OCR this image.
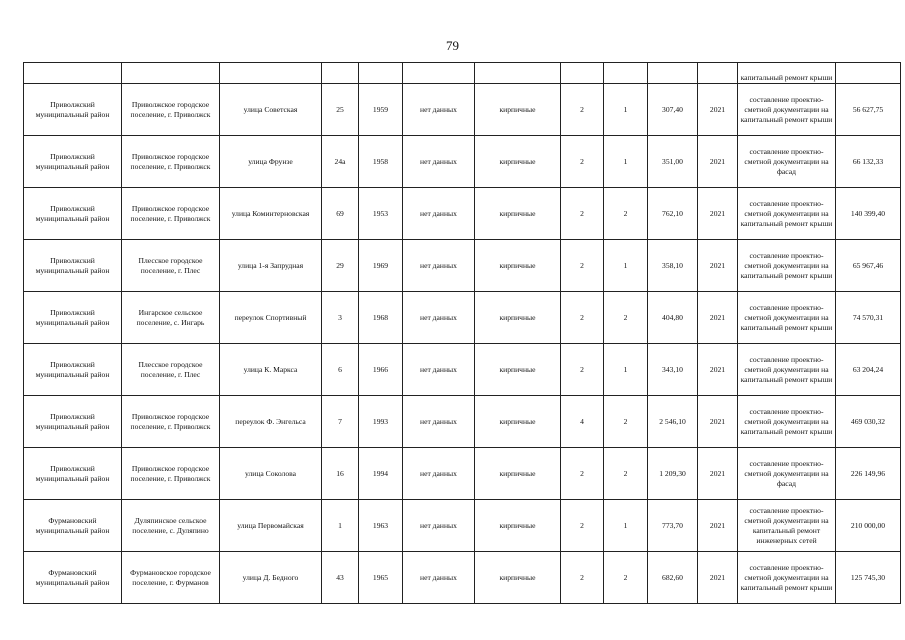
79
											капитальный ремонт крыши	
Приволжский муниципальный район	Приволжское городское поселение, г. Приволжск	улица Советская	25	1959	нет данных	кирпичные	2	1	307,40	2021	составление проектно-сметной документации на капитальный ремонт крыши	56 627,75
Приволжский муниципальный район	Приволжское городское поселение, г. Приволжск	улица Фрунзе	24а	1958	нет данных	кирпичные	2	1	351,00	2021	составление проектно-сметной документации на фасад	66 132,33
Приволжский муниципальный район	Приволжское городское поселение, г. Приволжск	улица Коминтерновская	69	1953	нет данных	кирпичные	2	2	762,10	2021	составление проектно-сметной документации на капитальный ремонт крыши	140 399,40
Приволжский муниципальный район	Плесское городское поселение, г. Плес	улица 1-я Запрудная	29	1969	нет данных	кирпичные	2	1	358,10	2021	составление проектно-сметной документации на капитальный ремонт крыши	65 967,46
Приволжский муниципальный район	Ингарское сельское поселение, с. Ингарь	переулок Спортивный	3	1968	нет данных	кирпичные	2	2	404,80	2021	составление проектно-сметной документации на капитальный ремонт крыши	74 570,31
Приволжский муниципальный район	Плесское городское поселение, г. Плес	улица К. Маркса	6	1966	нет данных	кирпичные	2	1	343,10	2021	составление проектно-сметной документации на капитальный ремонт крыши	63 204,24
Приволжский муниципальный район	Приволжское городское поселение, г. Приволжск	переулок Ф. Энгельса	7	1993	нет данных	кирпичные	4	2	2 546,10	2021	составление проектно-сметной документации на капитальный ремонт крыши	469 030,32
Приволжский муниципальный район	Приволжское городское поселение, г. Приволжск	улица Соколова	16	1994	нет данных	кирпичные	2	2	1 209,30	2021	составление проектно-сметной документации на фасад	226 149,96
Фурмановский муниципальный район	Дуляпинское сельское поселение, с. Дуляпино	улица Первомайская	1	1963	нет данных	кирпичные	2	1	773,70	2021	составление проектно-сметной документации на капитальный ремонт инженерных сетей	210 000,00
Фурмановский муниципальный район	Фурмановское городское поселение, г. Фурманов	улица Д. Бедного	43	1965	нет данных	кирпичные	2	2	682,60	2021	составление проектно-сметной документации на капитальный ремонт крыши	125 745,30
